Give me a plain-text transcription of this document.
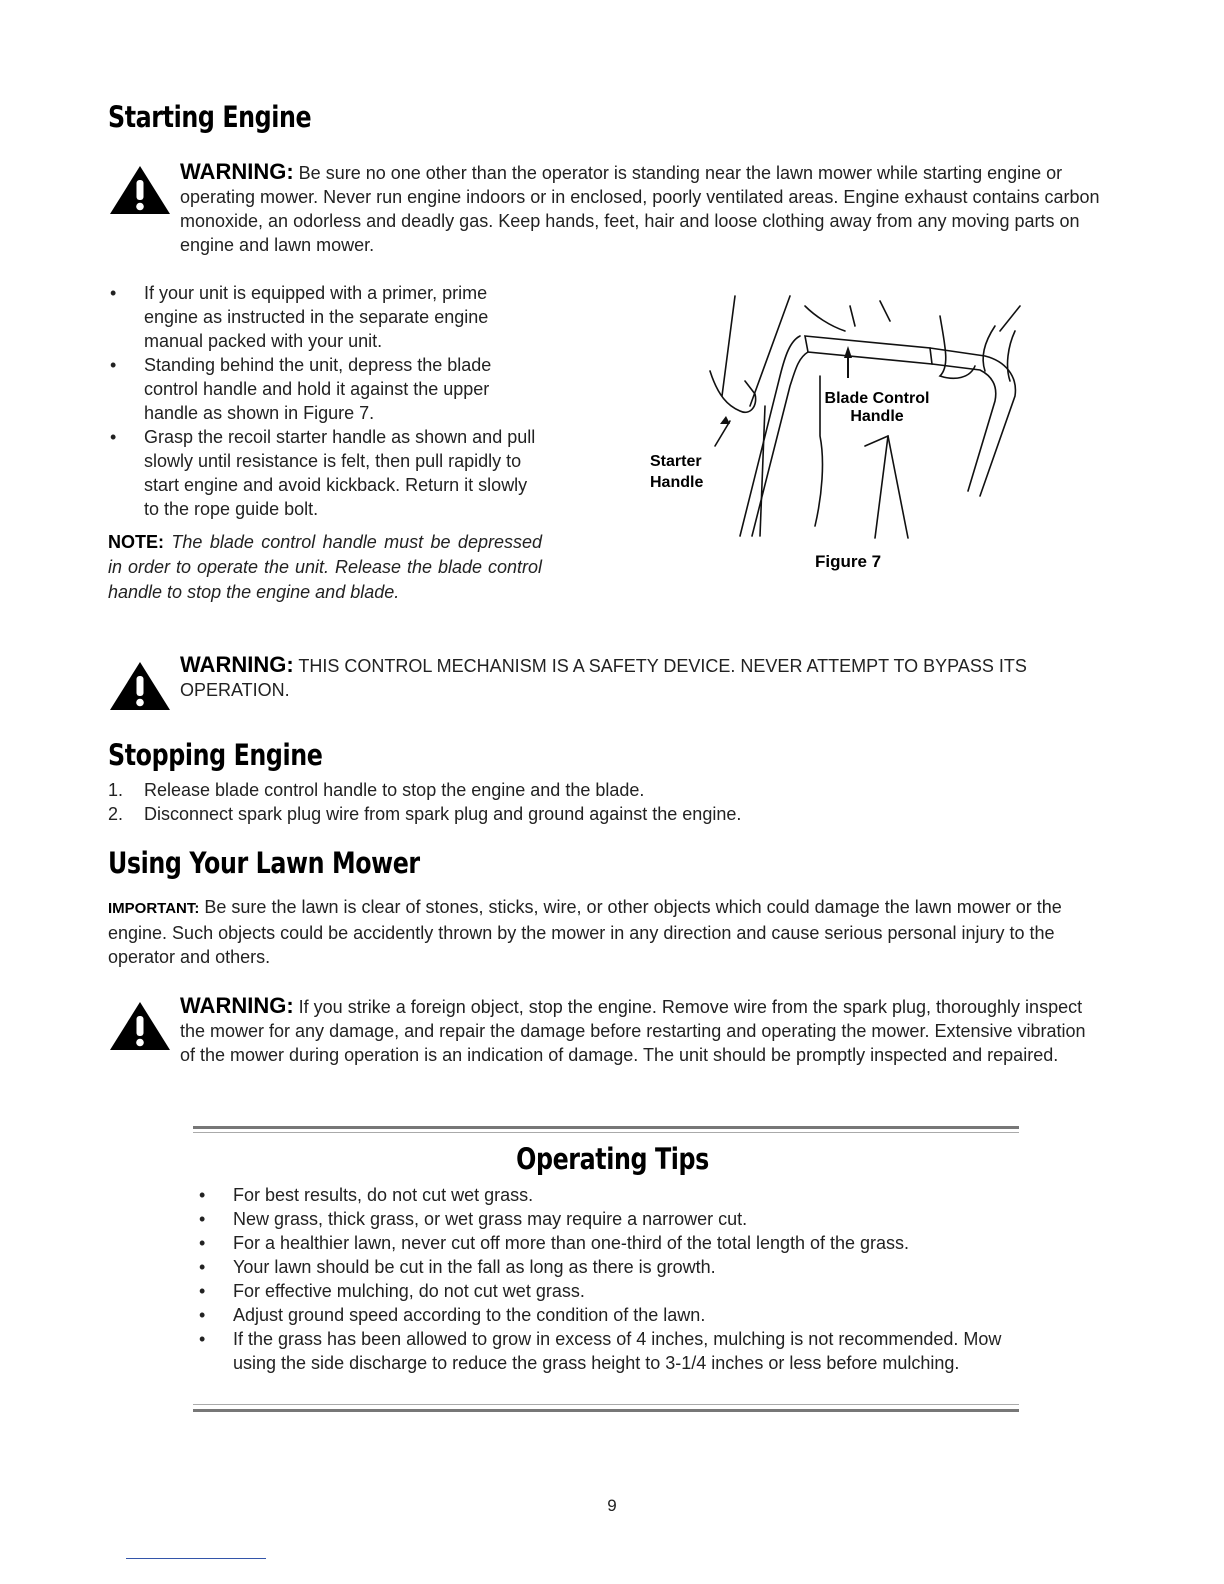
Starting Engine
WARNING: Be sure no one other than the operator is standing near the lawn mower while starting engine or operating mower. Never run engine indoors or in enclosed, poorly ventilated areas. Engine exhaust contains carbon monoxide, an odorless and deadly gas. Keep hands, feet, hair and loose clothing away from any moving parts on engine and lawn mower.
• If your unit is equipped with a primer, prime engine as instructed in the separate engine manual packed with your unit.
• Standing behind the unit, depress the blade control handle and hold it against the upper handle as shown in Figure 7.
• Grasp the recoil starter handle as shown and pull slowly until resistance is felt, then pull rapidly to start engine and avoid kickback. Return it slowly to the rope guide bolt.
NOTE: The blade control handle must be depressed in order to operate the unit. Release the blade control handle to stop the engine and blade.
Blade Control
Handle
Starter
Handle
Figure 7
WARNING: THIS CONTROL MECHANISM IS A SAFETY DEVICE. NEVER ATTEMPT TO BYPASS ITS OPERATION.
Stopping Engine
1. Release blade control handle to stop the engine and the blade.
2. Disconnect spark plug wire from spark plug and ground against the engine.
Using Your Lawn Mower

IMPORTANT: Be sure the lawn is clear of stones, sticks, wire, or other objects which could damage the lawn mower or the engine. Such objects could be accidently thrown by the mower in any direction and cause serious personal injury to the operator and others.

WARNING: If you strike a foreign object, stop the engine. Remove wire from the spark plug, thoroughly inspect the mower for any damage, and repair the damage before restarting and operating the mower. Extensive vibration of the mower during operation is an indication of damage. The unit should be promptly inspected and repaired.
Operating Tips
• For best results, do not cut wet grass.
• New grass, thick grass, or wet grass may require a narrower cut.
• For a healthier lawn, never cut off more than one-third of the total length of the grass.
• Your lawn should be cut in the fall as long as there is growth.
• For effective mulching, do not cut wet grass.
• Adjust ground speed according to the condition of the lawn.
• If the grass has been allowed to grow in excess of 4 inches, mulching is not recommended. Mow using the side discharge to reduce the grass height to 3-1/4 inches or less before mulching.
9
